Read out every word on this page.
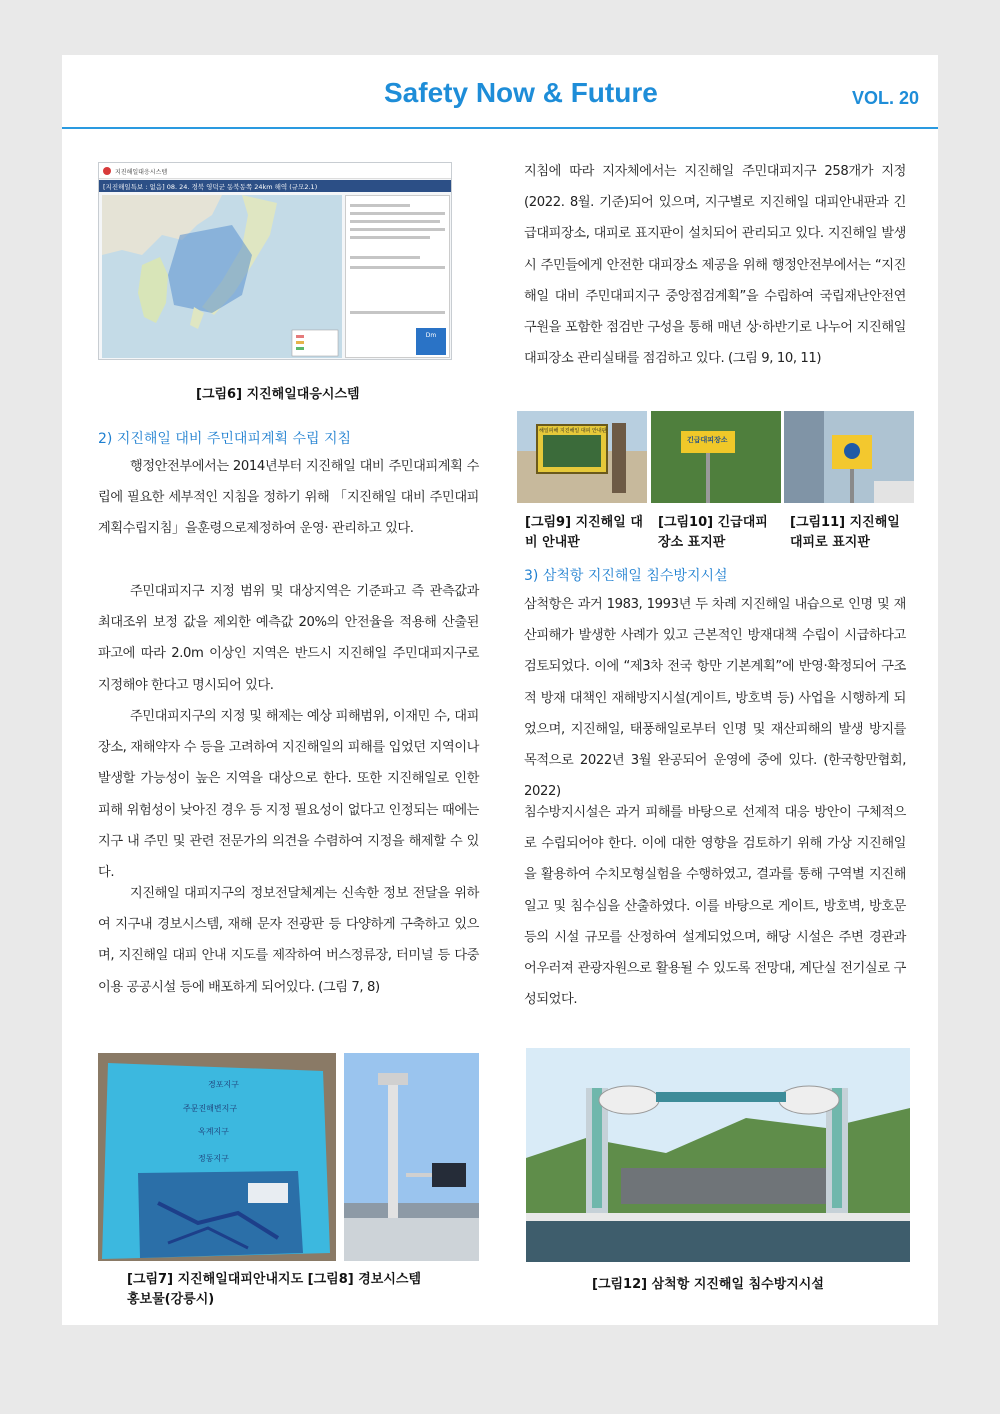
Safety Now & Future	VOL. 20
지진해일대응시스템
[지진해일특보 : 없음] 08. 24. 경북 영덕군 동북동쪽 24km 해역 (규모2.1)
Dm
[그림6] 지진해일대응시스템
2) 지진해일 대비 주민대피계획 수립 지침
행정안전부에서는 2014년부터 지진해일 대비 주민대피계획 수립에 필요한 세부적인 지침을 정하기 위해 「지진해일 대비 주민대피계획수립지침」을훈령으로제정하여 운영· 관리하고 있다.
주민대피지구 지정 범위 및 대상지역은 기준파고 즉 관측값과 최대조위 보정 값을 제외한 예측값 20%의 안전율을 적용해 산출된 파고에 따라 2.0m 이상인 지역은 반드시 지진해일 주민대피지구로 지정해야 한다고 명시되어 있다.
주민대피지구의 지정 및 해제는 예상 피해범위, 이재민 수, 대피장소, 재해약자 수 등을 고려하여 지진해일의 피해를 입었던 지역이나 발생할 가능성이 높은 지역을 대상으로 한다. 또한 지진해일로 인한 피해 위험성이 낮아진 경우 등 지정 필요성이 없다고 인정되는 때에는 지구 내 주민 및 관련 전문가의 의견을 수렴하여 지정을 해제할 수 있다.
지진해일 대피지구의 정보전달체계는 신속한 정보 전달을 위하여 지구내 경보시스템, 재해 문자 전광판 등 다양하게 구축하고 있으며, 지진해일 대피 안내 지도를 제작하여 버스정류장, 터미널 등 다중 이용 공공시설 등에 배포하게 되어있다. (그림 7, 8)
경포지구
주문진해변지구
옥계지구
정동지구
[그림7] 지진해일대피안내지도 [그림8] 경보시스템
홍보물(강릉시)
지침에 따라 지자체에서는 지진해일 주민대피지구 258개가 지정(2022. 8월. 기준)되어 있으며, 지구별로 지진해일 대피안내판과 긴급대피장소, 대피로 표지판이 설치되어 관리되고 있다. 지진해일 발생시 주민들에게 안전한 대피장소 제공을 위해 행정안전부에서는 “지진해일 대비 주민대피지구 중앙점검계획”을 수립하여 국립재난안전연구원을 포함한 점검반 구성을 통해 매년 상·하반기로 나누어 지진해일 대피장소 관리실태를 점검하고 있다. (그림 9, 10, 11)
해일피해 지진해일 대피 안내판
긴급대피장소
[그림9] 지진해일 대비 안내판
[그림10] 긴급대피 장소 표지판
[그림11] 지진해일 대피로 표지판
3) 삼척항 지진해일 침수방지시설
삼척항은 과거 1983, 1993년 두 차례 지진해일 내습으로 인명 및 재산피해가 발생한 사례가 있고 근본적인 방재대책 수립이 시급하다고 검토되었다. 이에 “제3차 전국 항만 기본계획”에 반영·확정되어 구조적 방재 대책인 재해방지시설(게이트, 방호벽 등) 사업을 시행하게 되었으며, 지진해일, 태풍해일로부터 인명 및 재산피해의 발생 방지를 목적으로 2022년 3월 완공되어 운영에 중에 있다. (한국항만협회, 2022)
침수방지시설은 과거 피해를 바탕으로 선제적 대응 방안이 구체적으로 수립되어야 한다. 이에 대한 영향을 검토하기 위해 가상 지진해일을 활용하여 수치모형실험을 수행하였고, 결과를 통해 구역별 지진해일고 및 침수심을 산출하였다. 이를 바탕으로 게이트, 방호벽, 방호문 등의 시설 규모를 산정하여 설계되었으며, 해당 시설은 주변 경관과 어우러져 관광자원으로 활용될 수 있도록 전망대, 계단실 전기실로 구성되었다.
[그림12] 삼척항 지진해일 침수방지시설
